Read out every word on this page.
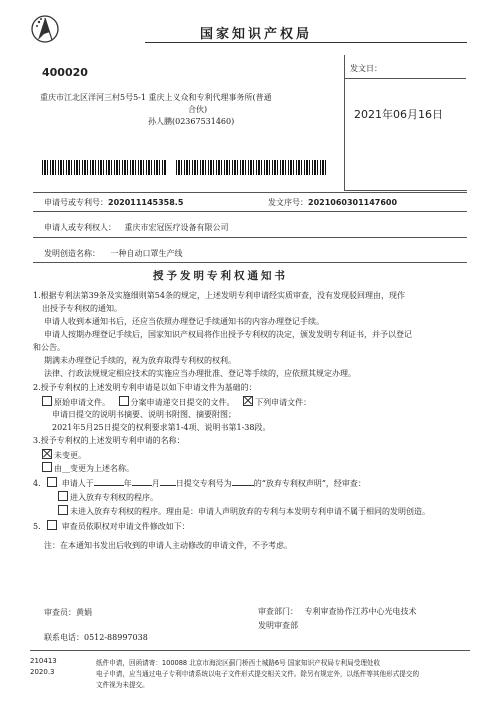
国家知识产权局
400020
重庆市江北区洋河三村5号5-1 重庆上义众和专利代理事务所(普通
合伙)
孙人鹏(02367531460)
发文日：
2021年06月16日
申请号或专利号：202011145358.5	发文序号：2021060301147600
申请人或专利权人： 重庆市宏冠医疗设备有限公司
发明创造名称： 一种自动口罩生产线
授予发明专利权通知书
1.根据专利法第39条及实施细则第54条的规定，上述发明专利申请经实质审查，没有发现驳回理由，现作
出授予专利权的通知。
申请人收到本通知书后，还应当依照办理登记手续通知书的内容办理登记手续。
申请人按期办理登记手续后，国家知识产权局将作出授予专利权的决定，颁发发明专利证书，并予以登记
和公告。
期满未办理登记手续的，视为放弃取得专利权的权利。
法律、行政法规规定相应技术的实施应当办理批准、登记等手续的，应依照其规定办理。
2.授予专利权的上述发明专利申请是以如下申请文件为基础的：
原始申请文件。	分案申请递交日提交的文件。	下列申请文件：
申请日提交的说明书摘要、说明书附图、摘要附图；
2021年5月25日提交的权利要求第1-4项、说明书第1-38段。
3.授予专利权的上述发明专利申请的名称：
未变更。
由__变更为上述名称。
4.	申请人于	年	月 日提交专利号为	的“放弃专利权声明”，经审查：
进入放弃专利权的程序。
未进入放弃专利权的程序。理由是：申请人声明放弃的专利与本发明专利申请不属于相同的发明创造。
5.	审查员依职权对申请文件修改如下：
注：在本通知书发出后收到的申请人主动修改的申请文件，不予考虑。
审查员：黄娟	审查部门： 专利审查协作江苏中心光电技术
发明审查部
联系电话：0512-88997038
210413
2020.3
纸件申请，回函请寄：100088 北京市海淀区蓟门桥西土城路6号 国家知识产权局专利局受理处收
电子申请，应当通过电子专利申请系统以电子文件形式提交相关文件。除另有规定外，以纸件等其他形式提交的
文件视为未提交。
